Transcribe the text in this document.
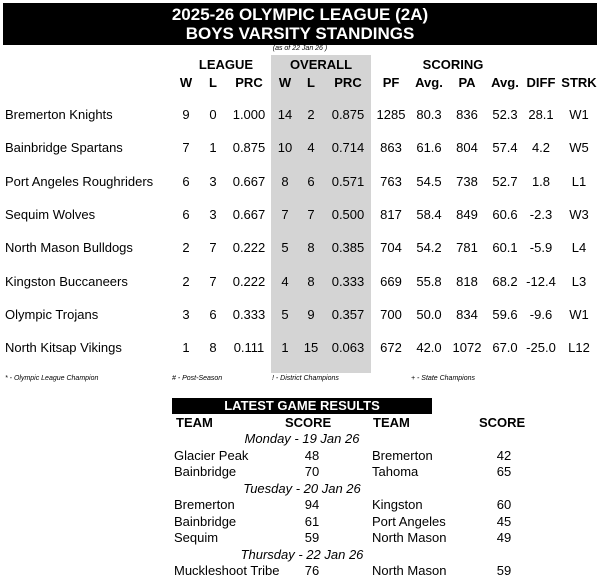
2025-26 OLYMPIC LEAGUE (2A)
BOYS VARSITY STANDINGS
(as of 22 Jan 26 )
LEAGUE	OVERALL	SCORING
W	L	PRC	W	L	PRC	PF	Avg.	PA	Avg. DIFF STRK
Bremerton Knights	9	0	1.000 14	2	0.875 1285 80.3	836	52.3 28.1	W1
Bainbridge Spartans	7	1	0.875 10	4	0.714	863	61.6	804	57.4	4.2	W5
Port Angeles Roughriders	6	3	0.667	8	6	0.571	763	54.5	738	52.7	1.8	L1
Sequim Wolves	6	3	0.667	7	7	0.500	817	58.4	849	60.6 -2.3	W3
North Mason Bulldogs	2	7	0.222	5	8	0.385	704	54.2	781	60.1 -5.9	L4
Kingston Buccaneers	2	7	0.222	4	8	0.333	669	55.8	818	68.2 -12.4	L3
Olympic Trojans	3	6	0.333	5	9	0.357	700	50.0	834	59.6 -9.6	W1
North Kitsap Vikings	1	8	0.111	1	15	0.063	672	42.0 1072 67.0 -25.0 L12
* - Olympic League Champion	# - Post-Season	! - District Champions	+ - State Champions
LATEST GAME RESULTS
TEAM	SCORE	TEAM	SCORE
Monday - 19 Jan 26
Glacier Peak	48	Bremerton	42
Bainbridge	70	Tahoma	65
Tuesday - 20 Jan 26
Bremerton	94	Kingston	60
Bainbridge	61	Port Angeles	45
Sequim	59	North Mason	49
Thursday - 22 Jan 26
Muckleshoot Tribe	76	North Mason	59
